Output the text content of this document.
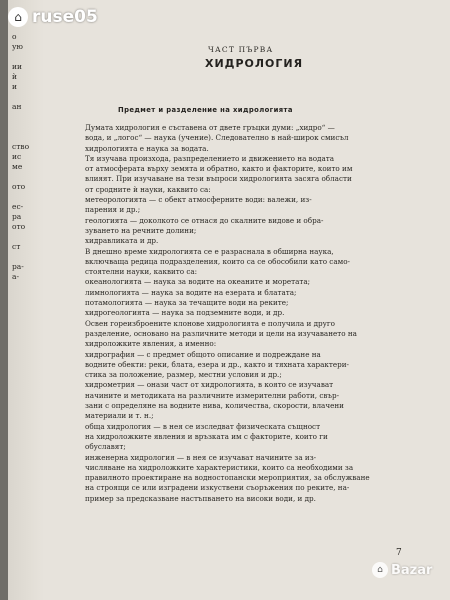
о
ую
ии
ѝ
и
ан
ство
ис
ме
ото
ес-
ра
ото
ст
ра-
а-
ЧАСТ ПЪРВА
ХИДРОЛОГИЯ
Предмет и разделение на хидрологията
Думата хидрология е съставена от двете гръцки думи: „хидро“ —
вода, и „логос“ — наука (учение). Следователно в най-широк смисъл
хидрологията е наука за водата.
Тя изучава произхода, разпределението и движението на водата
от атмосферата върху земята и обратно, както и факторите, които им
влияят. При изучаване на тези въпроси хидрологията засяга области
от сродните ѝ науки, каквито са:
метеорологията — с обект атмосферните води: валежи, из-
парения и др.;
геологията — доколкото се отнася до скалните видове и обра-
зуването на речните долини;
хидравликата и др.
В днешно време хидрологията се е разраснала в обширна наука,
включваща редица подразделения, които са се обособили като само-
стоятелни науки, каквито са:
океанологията — наука за водите на океаните и моретата;
лимнологията — наука за водите на езерата и блатата;
потамологията — наука за течащите води на реките;
хидрогеологията — наука за подземните води, и др.
Освен гореизброените клонове хидрологията е получила и друго
разделение, основано на различните методи и цели на изучаването на
хидроложките явления, а именно:
хидрография — с предмет общото описание и подреждане на
водните обекти: реки, блата, езера и др., както и тяхната характери-
стика за положение, размер, местни условия и др.;
хидрометрия — онази част от хидрологията, в която се изучават
начините и методиката на различните измерителни работи, свър-
зани с определяне на водните нива, количества, скорости, влачени
материали и т. н.;
обща хидрология — в нея се изследват физическата същност
на хидроложките явления и връзката им с факторите, които ги
обуславят;
инженерна хидрология — в нея се изучават начините за из-
числяване на хидроложките характеристики, които са необходими за
правилното проектиране на водностопански мероприятия, за обслужване
на строящи се или изградени изкуствени съоръжения по реките, на-
пример за предсказване настъпването на високи води, и др.
7
⌂ ruse05
⌂ Bazar
